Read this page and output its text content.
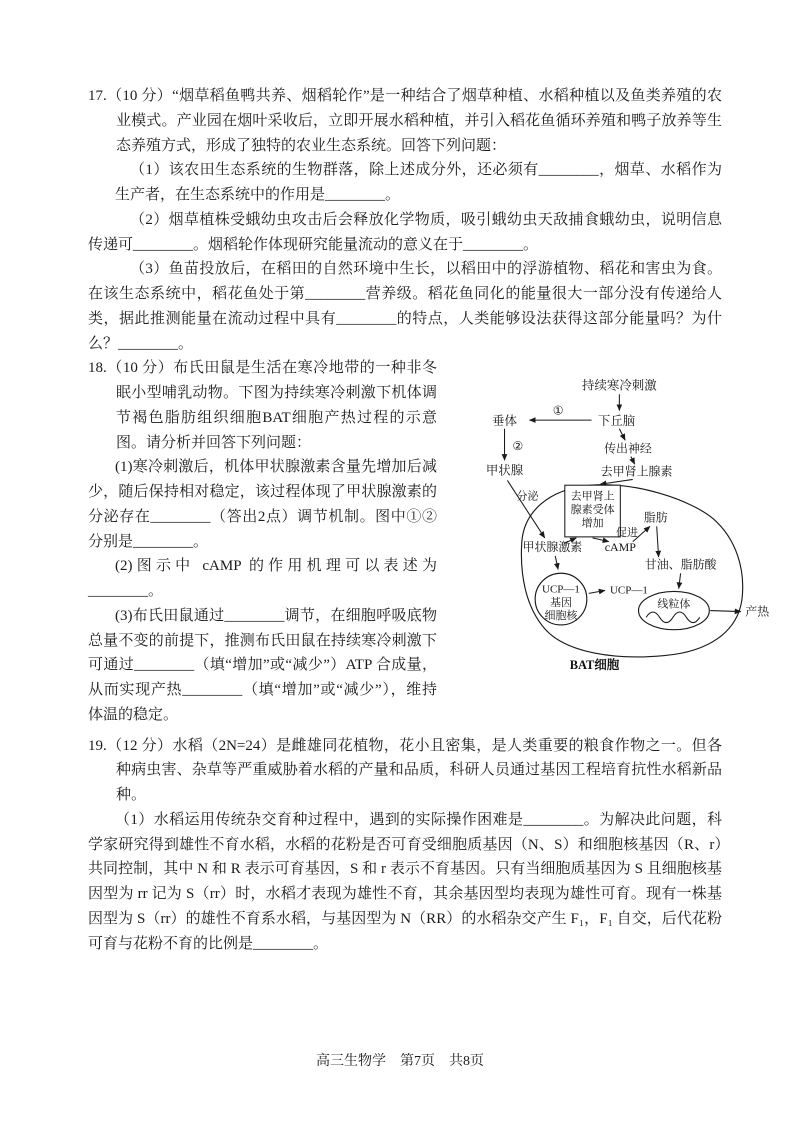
17.（10 分）“烟草稻鱼鸭共养、烟稻轮作”是一种结合了烟草种植、水稻种植以及鱼类养殖的农业模式。产业园在烟叶采收后，立即开展水稻种植，并引入稻花鱼循环养殖和鸭子放养等生态养殖方式，形成了独特的农业生态系统。回答下列问题：

（1）该农田生态系统的生物群落，除上述成分外，还必须有________，烟草、水稻作为生产者，在生态系统中的作用是________。

（2）烟草植株受蛾幼虫攻击后会释放化学物质，吸引蛾幼虫天敌捕食蛾幼虫，说明信息传递可________。烟稻轮作体现研究能量流动的意义在于________。

（3）鱼苗投放后，在稻田的自然环境中生长，以稻田中的浮游植物、稻花和害虫为食。在该生态系统中，稻花鱼处于第________营养级。稻花鱼同化的能量很大一部分没有传递给人类，据此推测能量在流动过程中具有________的特点，人类能够设法获得这部分能量吗？为什么？________。

去甲肾上
腺素受体
增加
UCP—1
基因
细胞核
线粒体
持续寒冷刺激
下丘脑
垂体
①
②
甲状腺
传出神经
去甲肾上腺素
分泌
脂肪
促进
甲状腺激素 cAMP
甘油、脂肪酸
UCP—1
产热
BAT细胞

18.（10 分）布氏田鼠是生活在寒冷地带的一种非冬眠小型哺乳动物。下图为持续寒冷刺激下机体调节褐色脂肪组织细胞BAT细胞产热过程的示意图。请分析并回答下列问题：

(1)寒冷刺激后，机体甲状腺激素含量先增加后减少，随后保持相对稳定，该过程体现了甲状腺激素的分泌存在________（答出2点）调节机制。图中①②分别是________。

(2)图示中 cAMP 的作用机理可以表述为________。

(3)布氏田鼠通过________调节，在细胞呼吸底物总量不变的前提下，推测布氏田鼠在持续寒冷刺激下可通过________（填“增加”或“减少”）ATP 合成量，从而实现产热________（填“增加”或“减少”），维持体温的稳定。

19.（12 分）水稻（2N=24）是雌雄同花植物，花小且密集，是人类重要的粮食作物之一。但各种病虫害、杂草等严重威胁着水稻的产量和品质，科研人员通过基因工程培育抗性水稻新品种。

（1）水稻运用传统杂交育种过程中，遇到的实际操作困难是________。为解决此问题，科学家研究得到雄性不育水稻，水稻的花粉是否可育受细胞质基因（N、S）和细胞核基因（R、r）共同控制，其中 N 和 R 表示可育基因，S 和 r 表示不育基因。只有当细胞质基因为 S 且细胞核基因型为 rr 记为 S（rr）时，水稻才表现为雄性不育，其余基因型均表现为雄性可育。现有一株基因型为 S（rr）的雄性不育系水稻，与基因型为 N（RR）的水稻杂交产生 F₁，F₁ 自交，后代花粉可育与花粉不育的比例是________。

高三生物学　第7页　共8页
